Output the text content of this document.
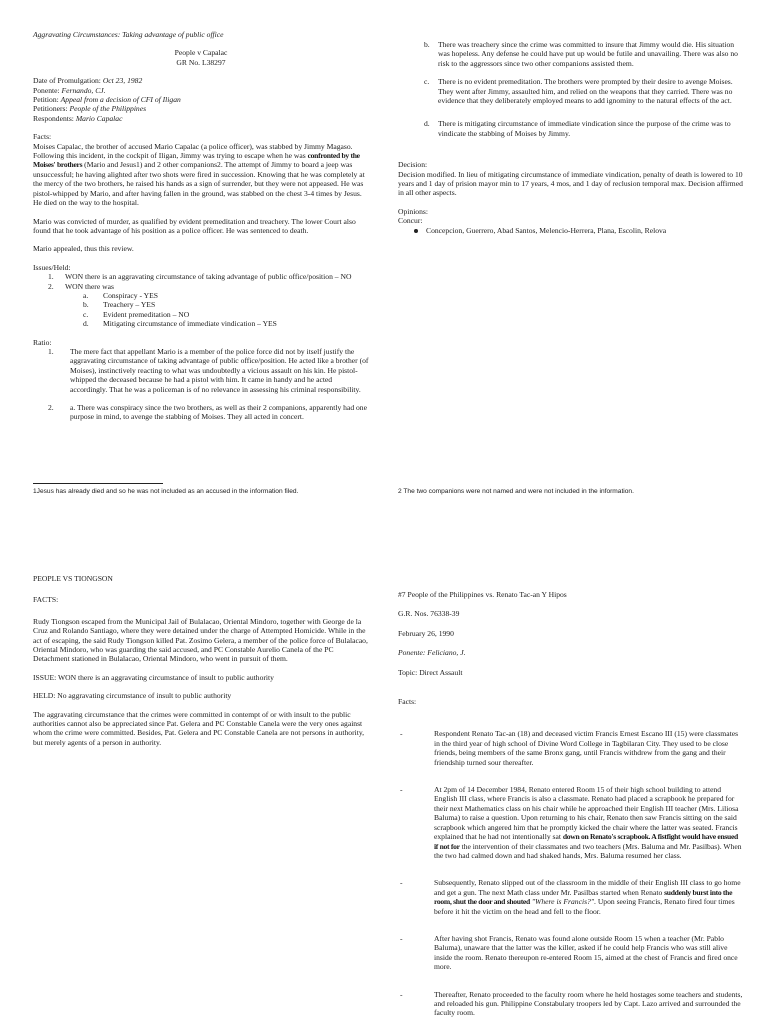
Aggravating Circumstances: Taking advantage of public office

People v Capalac

GR No. L38297

Date of Promulgation: Oct 23, 1982

Ponente: Fernando, CJ.

Petition: Appeal from a decision of CFI of Iligan

Petitioners: People of the Philippines

Respondents: Mario Capalac

Facts:

Moises Capalac, the brother of accused Mario Capalac (a police officer), was stabbed by Jimmy Magaso. Following this incident, in the cockpit of Iligan, Jimmy was trying to escape when he was confronted by the Moises' brothers (Mario and Jesus1) and 2 other companions2. The attempt of Jimmy to board a jeep was unsuccessful; he having alighted after two shots were fired in succession. Knowing that he was completely at the mercy of the two brothers, he raised his hands as a sign of surrender, but they were not appeased. He was pistol-whipped by Mario, and after having fallen in the ground, was stabbed on the chest 3-4 times by Jesus. He died on the way to the hospital.

Mario was convicted of murder, as qualified by evident premeditation and treachery. The lower Court also found that he took advantage of his position as a police officer. He was sentenced to death.

Mario appealed, thus this review.

Issues/Held:

1. WON there is an aggravating circumstance of taking advantage of public office/position – NO
2. WON there was
a. Conspiracy - YES
b. Treachery – YES
c. Evident premeditation – NO
d. Mitigating circumstance of immediate vindication – YES

Ratio:

1. The mere fact that appellant Mario is a member of the police force did not by itself justify the aggravating circumstance of taking advantage of public office/position. He acted like a brother (of Moises), instinctively reacting to what was undoubtedly a vicious assault on his kin. He pistol-whipped the deceased because he had a pistol with him. It came in handy and he acted accordingly. That he was a policeman is of no relevance in assessing his criminal responsibility.
2. a. There was conspiracy since the two brothers, as well as their 2 companions, apparently had one purpose in mind, to avenge the stabbing of Moises. They all acted in concert.
b. There was treachery since the crime was committed to insure that Jimmy would die. His situation was hopeless. Any defense he could have put up would be futile and unavailing. There was also no risk to the aggressors since two other companions assisted them.
c. There is no evident premeditation. The brothers were prompted by their desire to avenge Moises. They went after Jimmy, assaulted him, and relied on the weapons that they carried. There was no evidence that they deliberately employed means to add ignominy to the natural effects of the act.
d. There is mitigating circumstance of immediate vindication since the purpose of the crime was to vindicate the stabbing of Moises by Jimmy.

Decision:

Decision modified. In lieu of mitigating circumstance of immediate vindication, penalty of death is lowered to 10 years and 1 day of prision mayor min to 17 years, 4 mos, and 1 day of reclusion temporal max. Decision affirmed in all other aspects.

Opinions:

Concur:

Concepcion, Guerrero, Abad Santos, Melencio-Herrera, Plana, Escolin, Relova

1Jesus has already died and so he was not included as an accused in the information filed.	2 The two companions were not named and were not included in the information.

PEOPLE VS TIONGSON

FACTS:

Rudy Tiongson escaped from the Municipal Jail of Bulalacao, Oriental Mindoro, together with George de la Cruz and Rolando Santiago, where they were detained under the charge of Attempted Homicide. While in the act of escaping, the said Rudy Tiongson killed Pat. Zosimo Gelera, a member of the police force of Bulalacao, Oriental Mindoro, who was guarding the said accused, and PC Constable Aurelio Canela of the PC Detachment stationed in Bulalacao, Oriental Mindoro, who went in pursuit of them.

ISSUE: WON there is an aggravating circumstance of insult to public authority

HELD: No aggravating circumstance of insult to public authority

The aggravating circumstance that the crimes were committed in contempt of or with insult to the public authorities cannot also be appreciated since Pat. Gelera and PC Constable Canela were the very ones against whom the crime were committed. Besides, Pat. Gelera and PC Constable Canela are not persons in authority, but merely agents of a person in authority.

#7 People of the Philippines vs. Renato Tac-an Y Hipos

G.R. Nos. 76338-39

February 26, 1990

Ponente: Feliciano, J.

Topic: Direct Assault

Facts:

-	Respondent Renato Tac-an (18) and deceased victim Francis Ernest Escano III (15) were classmates in the third year of high school of Divine Word College in Tagbilaran City. They used to be close friends, being members of the same Bronx gang, until Francis withdrew from the gang and their friendship turned sour thereafter.
-	At 2pm of 14 December 1984, Renato entered Room 15 of their high school building to attend English III class, where Francis is also a classmate. Renato had placed a scrapbook he prepared for their next Mathematics class on his chair while he approached their English III teacher (Mrs. Liliosa Baluma) to raise a question. Upon returning to his chair, Renato then saw Francis sitting on the said scrapbook which angered him that he promptly kicked the chair where the latter was seated. Francis explained that he had not intentionally sat down on Renato's scrapbook. A fistfight would have ensued if not for the intervention of their classmates and two teachers (Mrs. Baluma and Mr. Pasilbas). When the two had calmed down and had shaked hands, Mrs. Baluma resumed her class.
-	Subsequently, Renato slipped out of the classroom in the middle of their English III class to go home and get a gun. The next Math class under Mr. Pasilbas started when Renato suddenly burst into the room, shut the door and shouted "Where is Francis?". Upon seeing Francis, Renato fired four times before it hit the victim on the head and fell to the floor.
-	After having shot Francis, Renato was found alone outside Room 15 when a teacher (Mr. Pablo Baluma), unaware that the latter was the killer, asked if he could help Francis who was still alive inside the room. Renato thereupon re-entered Room 15, aimed at the chest of Francis and fired once more.
-	Thereafter, Renato proceeded to the faculty room where he held hostages some teachers and students, and reloaded his gun. Philippine Constabulary troopers led by Capt. Lazo arrived and surrounded the faculty room.
